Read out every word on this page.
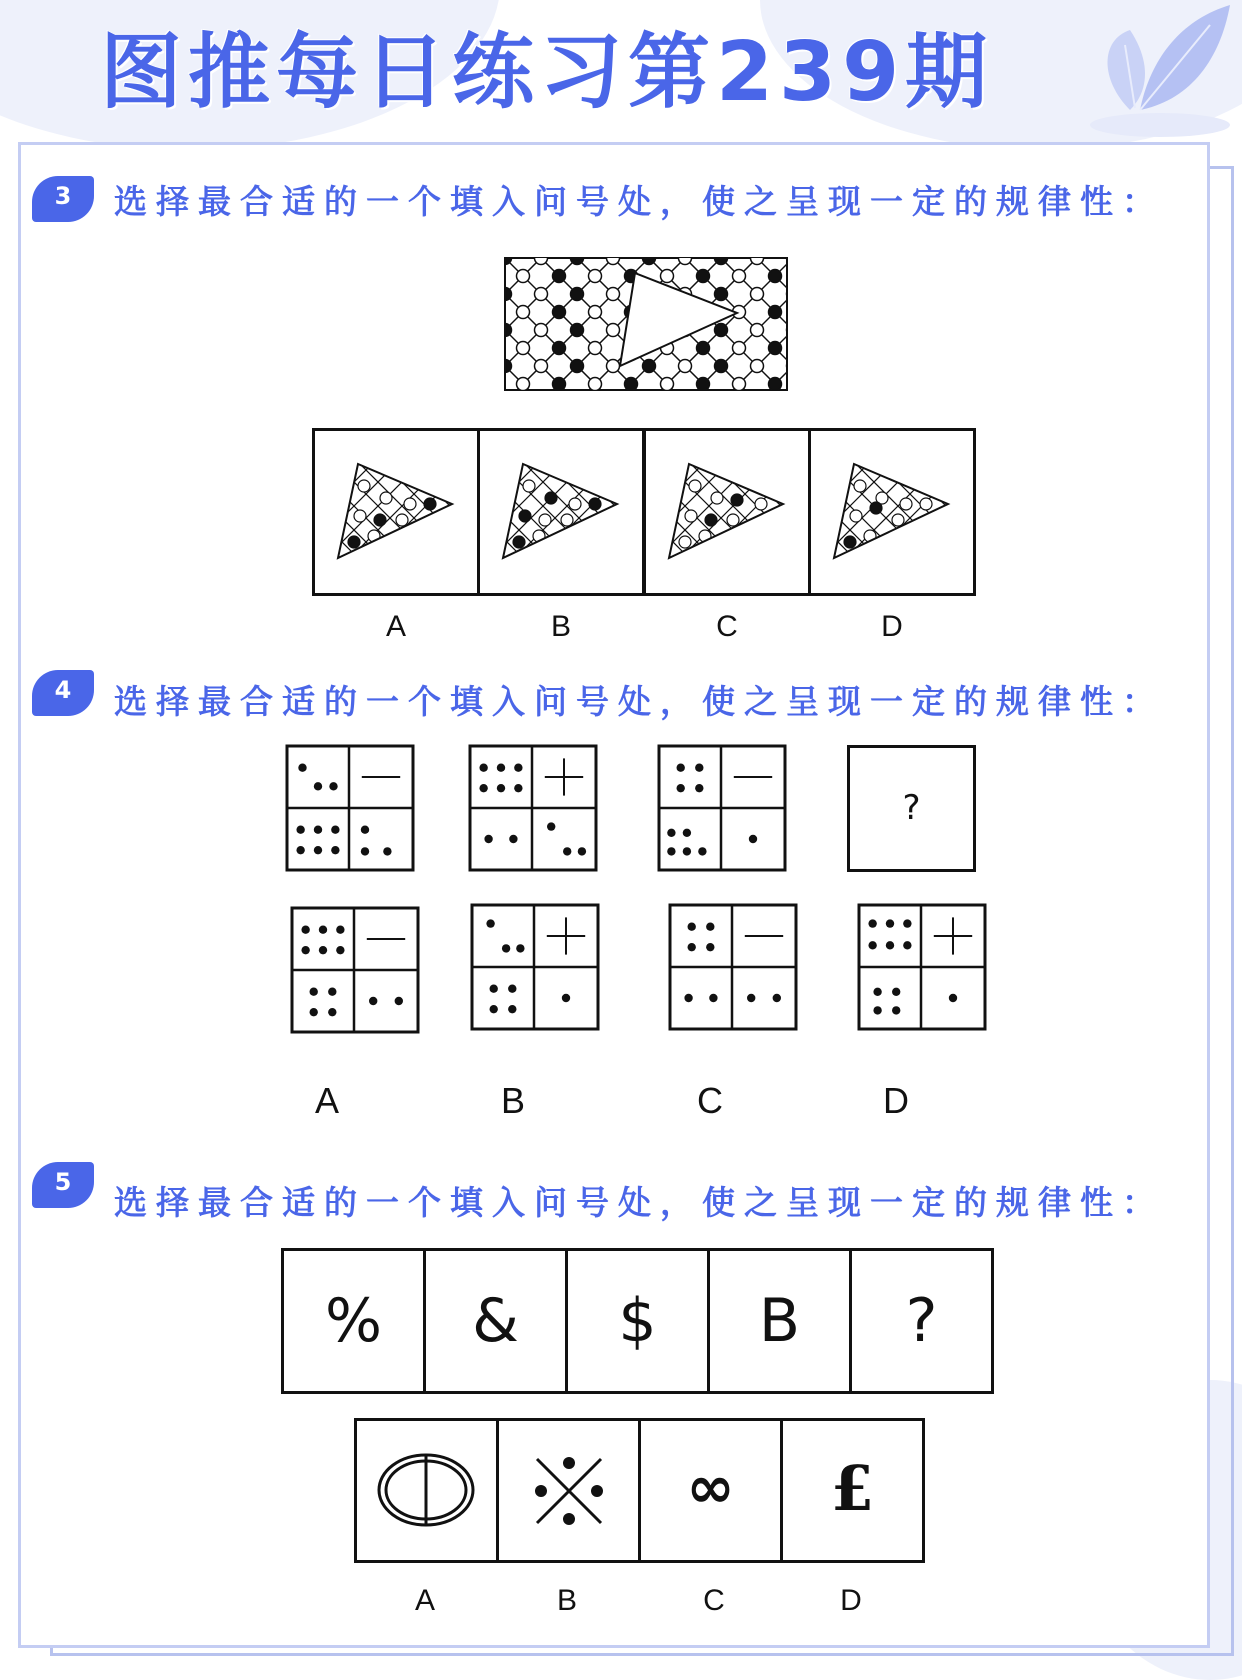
图推每日练习第239期
3	选择最合适的一个填入问号处，使之呈现一定的规律性：
A	B	C	D
4	选择最合适的一个填入问号处，使之呈现一定的规律性：
?
A	B	C	D
5
选择最合适的一个填入问号处，使之呈现一定的规律性：
%	&	$	B	?
∞	£
A	B	C	D
